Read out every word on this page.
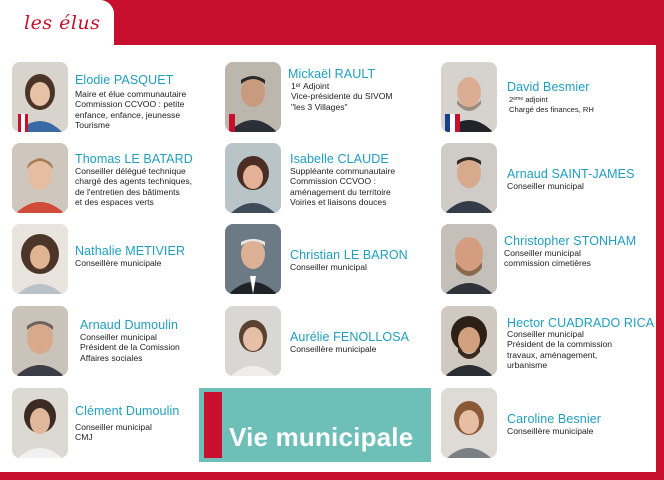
les élus
Elodie PASQUET
Maire et élue communautaire
Commission CCVOO : petite
enfance, enfance, jeunesse
Tourisme
Thomas LE BATARD
Conseiller délégué technique
chargé des agents techniques,
de l'entretien des bâtiments
et des espaces verts
Nathalie METIVIER
Conseillère municipale
Arnaud Dumoulin
Conseiller municipal
Président de la Comission
Affaires sociales
Clément Dumoulin
Conseiller municipal
CMJ
Mickaël RAULT
1ᵉʳ Adjoint
Vice-présidente du SIVOM
"les 3 Villages"
Isabelle CLAUDE
Suppléante communautaire
Commission CCVOO :
aménagement du territoire
Voiries et liaisons douces
Christian LE BARON
Conseiller municipal
Aurélie FENOLLOSA
Conseillère municipale
David Besmier
2ᵉᵐᵉ adjoint
Chargé des finances, RH
Arnaud SAINT-JAMES
Conseiller municipal
Christopher STONHAM
Conseiller municipal
commission cimetières
Hector CUADRADO RICA
Conseiller municipal
Président de la commission
travaux, aménagement,
urbanisme
Caroline Besnier
Conseillère municipale
Vie municipale
